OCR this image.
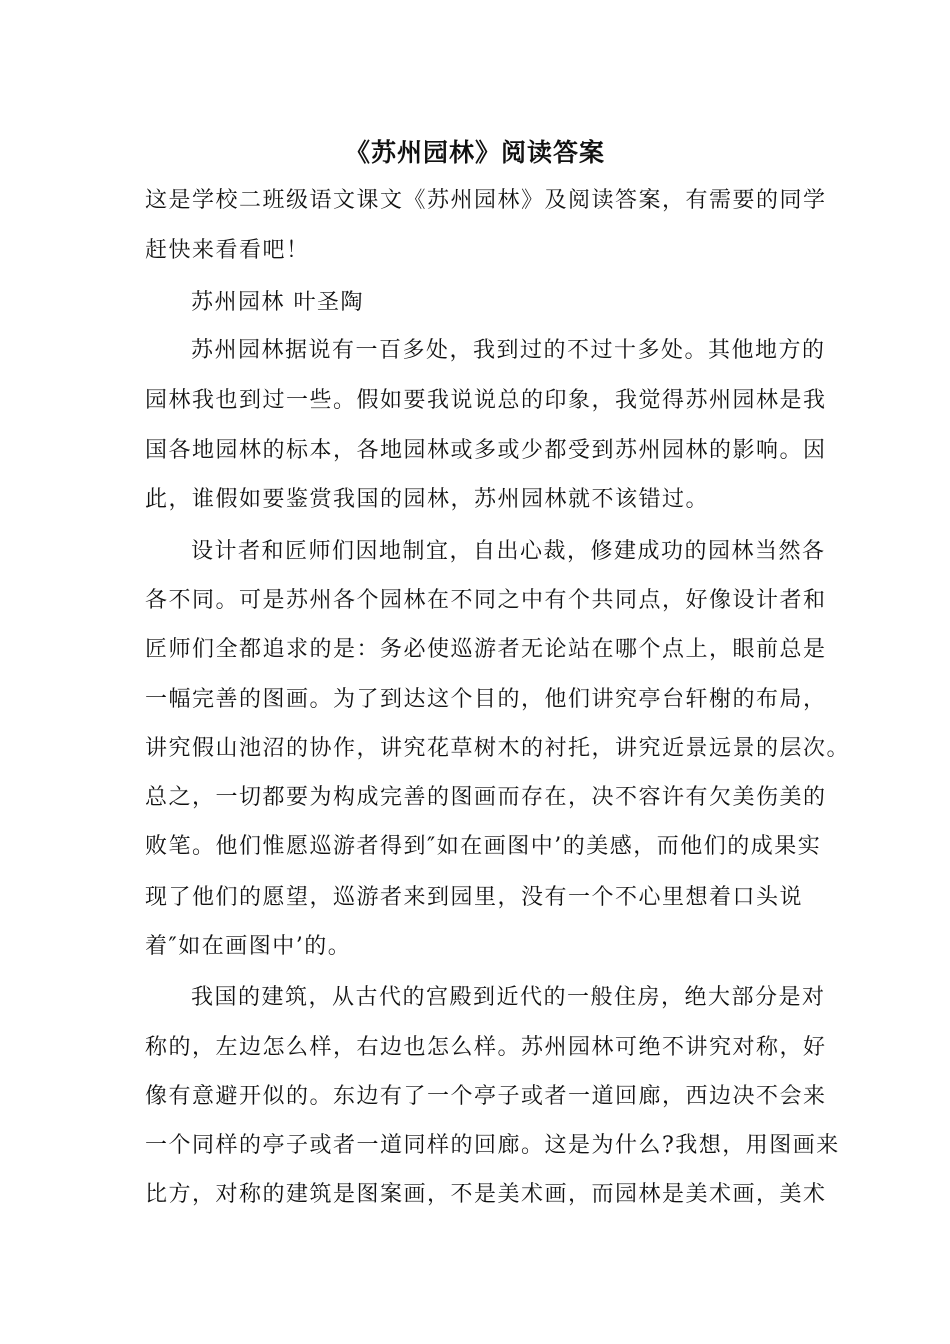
《苏州园林》阅读答案
这是学校二班级语文课文《苏州园林》及阅读答案，有需要的同学
赶快来看看吧！
苏州园林 叶圣陶
苏州园林据说有一百多处，我到过的不过十多处。其他地方的
园林我也到过一些。假如要我说说总的印象，我觉得苏州园林是我
国各地园林的标本，各地园林或多或少都受到苏州园林的影响。因
此，谁假如要鉴赏我国的园林，苏州园林就不该错过。
设计者和匠师们因地制宜，自出心裁，修建成功的园林当然各
各不同。可是苏州各个园林在不同之中有个共同点，好像设计者和
匠师们全都追求的是：务必使巡游者无论站在哪个点上，眼前总是
一幅完善的图画。为了到达这个目的，他们讲究亭台轩榭的布局，
讲究假山池沼的协作，讲究花草树木的衬托，讲究近景远景的层次。
总之，一切都要为构成完善的图画而存在，决不容许有欠美伤美的
败笔。他们惟愿巡游者得到″如在画图中’的美感，而他们的成果实
现了他们的愿望，巡游者来到园里，没有一个不心里想着口头说
着″如在画图中’的。
我国的建筑，从古代的宫殿到近代的一般住房，绝大部分是对
称的，左边怎么样，右边也怎么样。苏州园林可绝不讲究对称，好
像有意避开似的。东边有了一个亭子或者一道回廊，西边决不会来
一个同样的亭子或者一道同样的回廊。这是为什么?我想，用图画来
比方，对称的建筑是图案画，不是美术画，而园林是美术画，美术
